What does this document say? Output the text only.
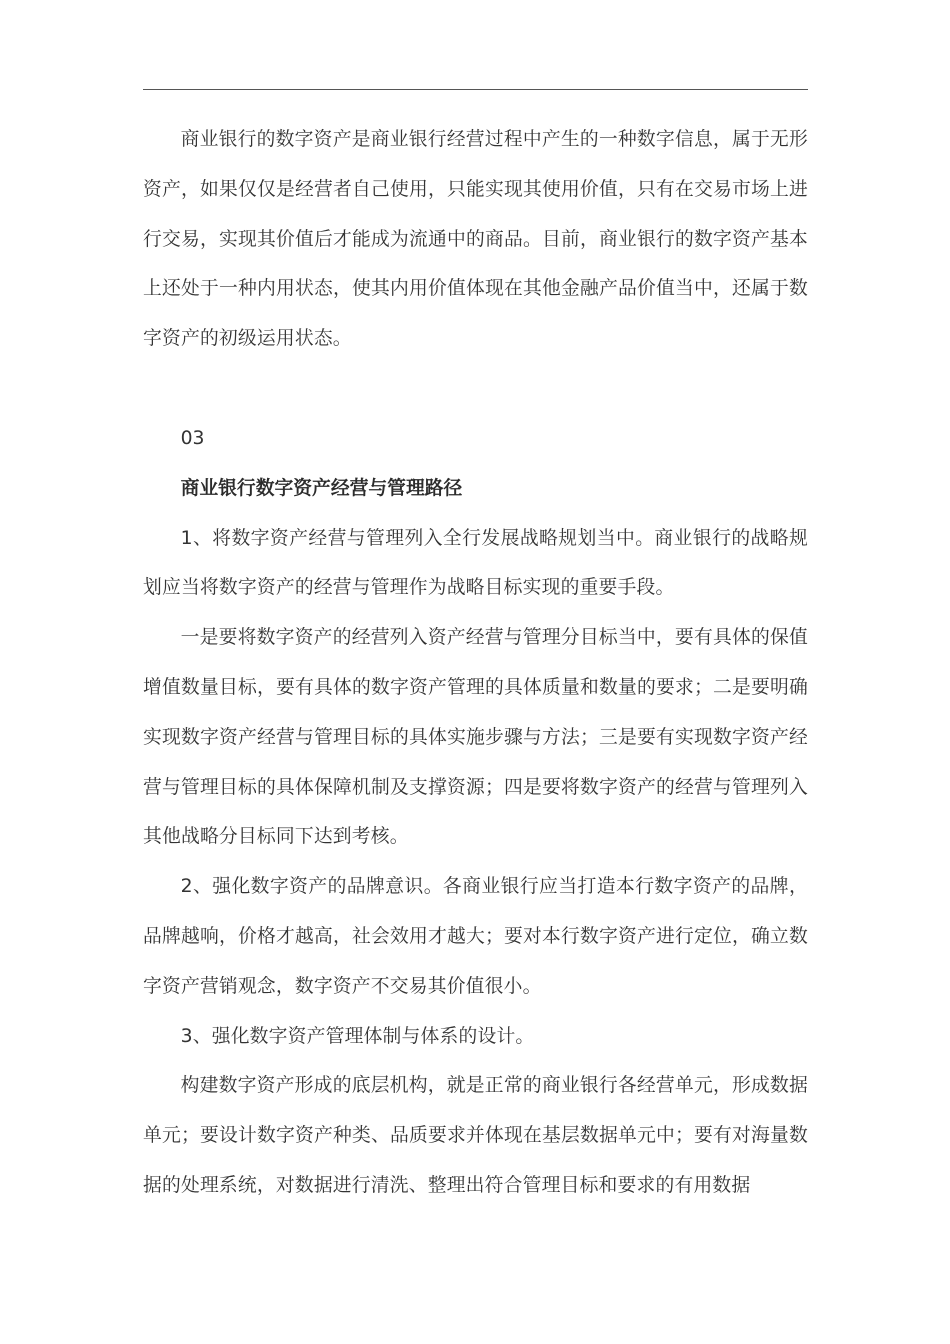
商业银行的数字资产是商业银行经营过程中产生的一种数字信息，属于无形资产，如果仅仅是经营者自己使用，只能实现其使用价值，只有在交易市场上进行交易，实现其价值后才能成为流通中的商品。目前，商业银行的数字资产基本上还处于一种内用状态，使其内用价值体现在其他金融产品价值当中，还属于数字资产的初级运用状态。

03

商业银行数字资产经营与管理路径

1、将数字资产经营与管理列入全行发展战略规划当中。商业银行的战略规划应当将数字资产的经营与管理作为战略目标实现的重要手段。

一是要将数字资产的经营列入资产经营与管理分目标当中，要有具体的保值增值数量目标，要有具体的数字资产管理的具体质量和数量的要求；二是要明确实现数字资产经营与管理目标的具体实施步骤与方法；三是要有实现数字资产经营与管理目标的具体保障机制及支撑资源；四是要将数字资产的经营与管理列入其他战略分目标同下达到考核。

2、强化数字资产的品牌意识。各商业银行应当打造本行数字资产的品牌，品牌越响，价格才越高，社会效用才越大；要对本行数字资产进行定位，确立数字资产营销观念，数字资产不交易其价值很小。

3、强化数字资产管理体制与体系的设计。

构建数字资产形成的底层机构，就是正常的商业银行各经营单元，形成数据单元；要设计数字资产种类、品质要求并体现在基层数据单元中；要有对海量数据的处理系统，对数据进行清洗、整理出符合管理目标和要求的有用数据
